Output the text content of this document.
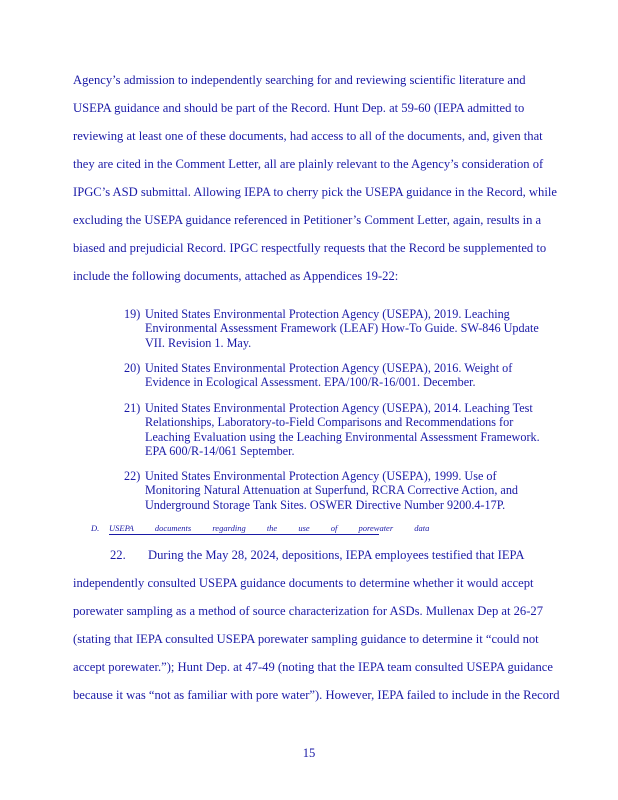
Agency’s admission to independently searching for and reviewing scientific literature and
USEPA guidance and should be part of the Record. Hunt Dep. at 59-60 (IEPA admitted to
reviewing at least one of these documents, had access to all of the documents, and, given that
they are cited in the Comment Letter, all are plainly relevant to the Agency’s consideration of
IPGC’s ASD submittal. Allowing IEPA to cherry pick the USEPA guidance in the Record, while
excluding the USEPA guidance referenced in Petitioner’s Comment Letter, again, results in a
biased and prejudicial Record. IPGC respectfully requests that the Record be supplemented to
include the following documents, attached as Appendices 19-22:
19) United States Environmental Protection Agency (USEPA), 2019. Leaching
Environmental Assessment Framework (LEAF) How-To Guide. SW-846 Update
VII. Revision 1. May.
20) United States Environmental Protection Agency (USEPA), 2016. Weight of
Evidence in Ecological Assessment. EPA/100/R-16/001. December.
21) United States Environmental Protection Agency (USEPA), 2014. Leaching Test
Relationships, Laboratory-to-Field Comparisons and Recommendations for
Leaching Evaluation using the Leaching Environmental Assessment Framework.
EPA 600/R-14/061 September.
22) United States Environmental Protection Agency (USEPA), 1999. Use of
Monitoring Natural Attenuation at Superfund, RCRA Corrective Action, and
Underground Storage Tank Sites. OSWER Directive Number 9200.4-17P.
D. USEPA documents regarding the use of porewater data
22. During the May 28, 2024, depositions, IEPA employees testified that IEPA
independently consulted USEPA guidance documents to determine whether it would accept
porewater sampling as a method of source characterization for ASDs. Mullenax Dep at 26-27
(stating that IEPA consulted USEPA porewater sampling guidance to determine it “could not
accept porewater.”); Hunt Dep. at 47-49 (noting that the IEPA team consulted USEPA guidance
because it was “not as familiar with pore water”). However, IEPA failed to include in the Record
15
